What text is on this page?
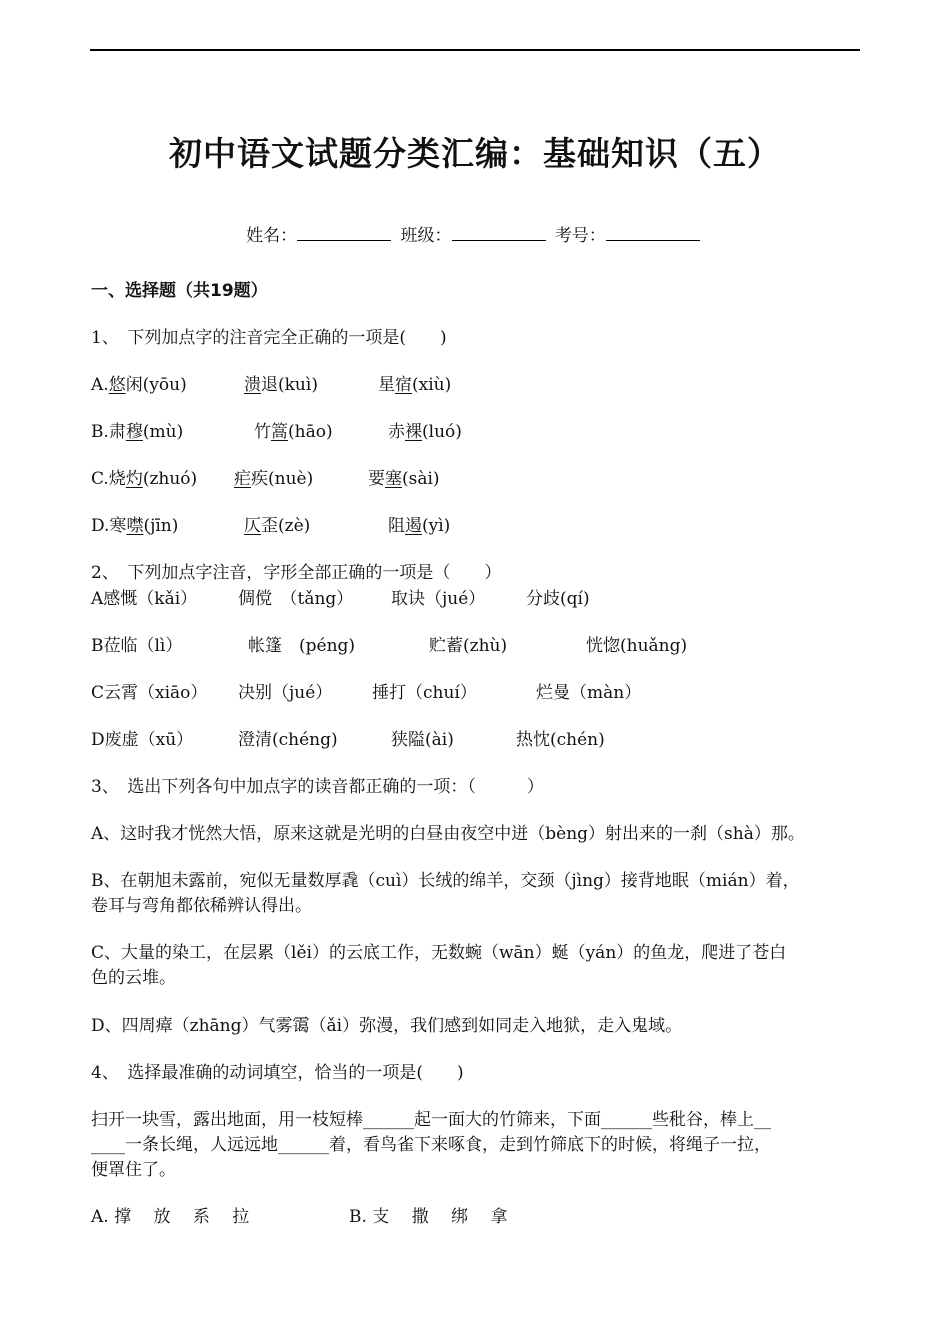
初中语文试题分类汇编：基础知识（五）
姓名：	班级：	考号：
一、选择题（共19题）
1、　下列加点字的注音完全正确的一项是(　　)
A.悠闲(yōu)	溃退(kuì)	星宿(xiù)
B.肃穆(mù)	竹篙(hāo)	赤裸(luó)
C.烧灼(zhuó) 疟疾(nuè)	要塞(sài)
D.寒噤(jīn)	仄歪(zè)	阻遏(yì)
2、　下列加点字注音，字形全部正确的一项是（　　）
A感慨（kǎi） 倜傥　（tǎng） 取诀（jué） 分歧(qí)
B莅临（lì）	帐篷　(péng)	贮蓄(zhù)	恍惚(huǎng)
C云霄（xiāo） 决别（jué） 捶打（chuí）	烂曼（màn）
D废虚（xū）	澄清(chéng)	狭隘(ài)	热忱(chén)
3、　选出下列各句中加点字的读音都正确的一项：（　　　）
A、这时我才恍然大悟，原来这就是光明的白昼由夜空中迸（bèng）射出来的一刹（shà）那。
B、在朝旭未露前，宛似无量数厚毳（cuì）长绒的绵羊，交颈（jìng）接背地眠（mián）着，
卷耳与弯角都依稀辨认得出。
C、大量的染工，在层累（lěi）的云底工作，无数蜿（wān）蜒（yán）的鱼龙，爬进了苍白
色的云堆。
D、四周瘴（zhāng）气雾霭（ǎi）弥漫，我们感到如同走入地狱，走入鬼域。
4、　选择最准确的动词填空，恰当的一项是(　　)
扫开一块雪，露出地面，用一枝短棒______起一面大的竹筛来，下面______些秕谷，棒上__
____一条长绳，人远远地______着，看鸟雀下来啄食，走到竹筛底下的时候，将绳子一拉，
便罩住了。
A. 撑　 放　 系　 拉	B. 支　 撒　 绑　 拿
